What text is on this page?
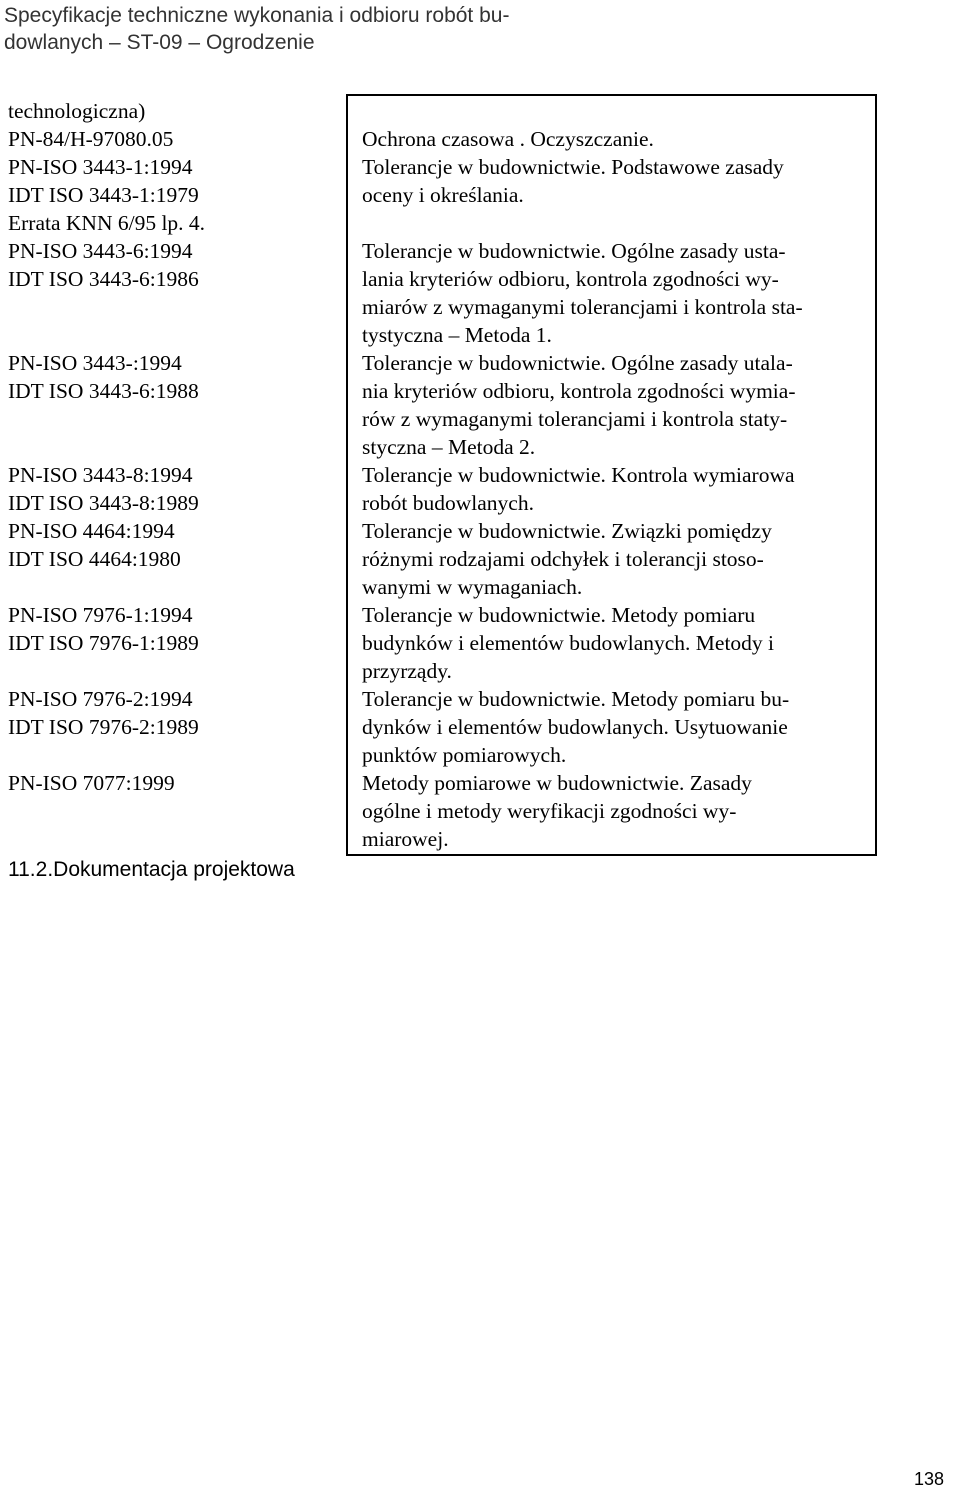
Specyfikacje techniczne wykonania i odbioru robót bu-
dowlanych – ST-09 – Ogrodzenie
technologiczna)
PN-84/H-97080.05	Ochrona czasowa . Oczyszczanie.
PN-ISO 3443-1:1994
IDT ISO 3443-1:1979
Errata KNN 6/95 lp. 4.
Tolerancje w budownictwie. Podstawowe zasady
oceny i określania.
PN-ISO 3443-6:1994
IDT ISO 3443-6:1986
Tolerancje w budownictwie. Ogólne zasady usta-
lania kryteriów odbioru, kontrola zgodności wy-
miarów z wymaganymi tolerancjami i kontrola sta-
tystyczna – Metoda 1.
PN-ISO 3443-:1994
IDT ISO 3443-6:1988
Tolerancje w budownictwie. Ogólne zasady utala-
nia kryteriów odbioru, kontrola zgodności wymia-
rów z wymaganymi tolerancjami i kontrola staty-
styczna – Metoda 2.
PN-ISO 3443-8:1994
IDT ISO 3443-8:1989
Tolerancje w budownictwie. Kontrola wymiarowa
robót budowlanych.
PN-ISO 4464:1994
IDT ISO 4464:1980
Tolerancje w budownictwie. Związki pomiędzy
różnymi rodzajami odchyłek i tolerancji stoso-
wanymi w wymaganiach.
PN-ISO 7976-1:1994
IDT ISO 7976-1:1989
Tolerancje w budownictwie. Metody pomiaru
budynków i elementów budowlanych. Metody i
przyrządy.
PN-ISO 7976-2:1994
IDT ISO 7976-2:1989
Tolerancje w budownictwie. Metody pomiaru bu-
dynków i elementów budowlanych. Usytuowanie
punktów pomiarowych.
PN-ISO 7077:1999	Metody pomiarowe w budownictwie. Zasady
ogólne i metody weryfikacji zgodności wy-
miarowej.
11.2.Dokumentacja projektowa
138
